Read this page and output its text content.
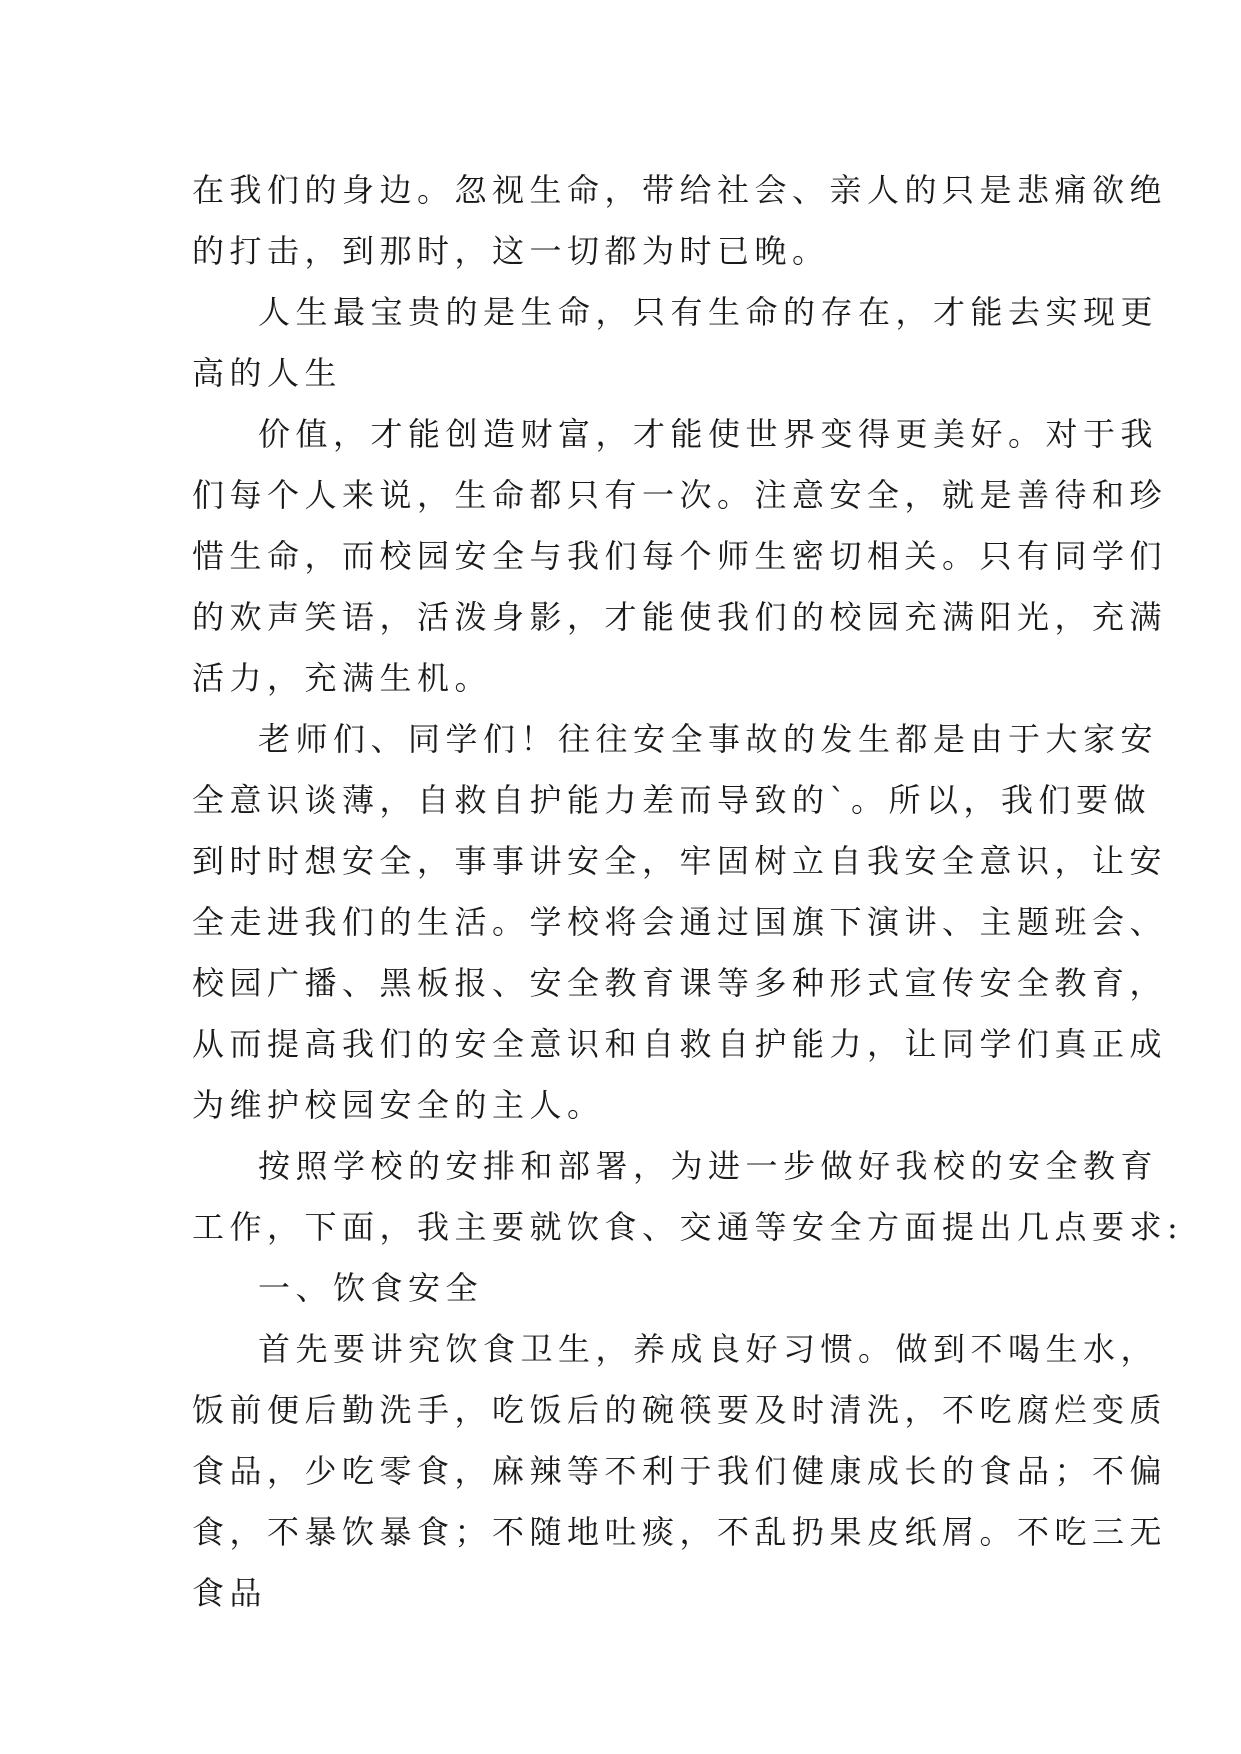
在我们的身边。忽视生命，带给社会、亲人的只是悲痛欲绝
的打击，到那时，这一切都为时已晚。
人生最宝贵的是生命，只有生命的存在，才能去实现更
高的人生
价值，才能创造财富，才能使世界变得更美好。对于我
们每个人来说，生命都只有一次。注意安全，就是善待和珍
惜生命，而校园安全与我们每个师生密切相关。只有同学们
的欢声笑语，活泼身影，才能使我们的校园充满阳光，充满
活力，充满生机。
老师们、同学们！往往安全事故的发生都是由于大家安
全意识谈薄，自救自护能力差而导致的`。所以，我们要做
到时时想安全，事事讲安全，牢固树立自我安全意识，让安
全走进我们的生活。学校将会通过国旗下演讲、主题班会、
校园广播、黑板报、安全教育课等多种形式宣传安全教育，
从而提高我们的安全意识和自救自护能力，让同学们真正成
为维护校园安全的主人。
按照学校的安排和部署，为进一步做好我校的安全教育
工作，下面，我主要就饮食、交通等安全方面提出几点要求:
一、饮食安全
首先要讲究饮食卫生，养成良好习惯。做到不喝生水，
饭前便后勤洗手，吃饭后的碗筷要及时清洗，不吃腐烂变质
食品，少吃零食，麻辣等不利于我们健康成长的食品；不偏
食，不暴饮暴食；不随地吐痰，不乱扔果皮纸屑。不吃三无
食品
